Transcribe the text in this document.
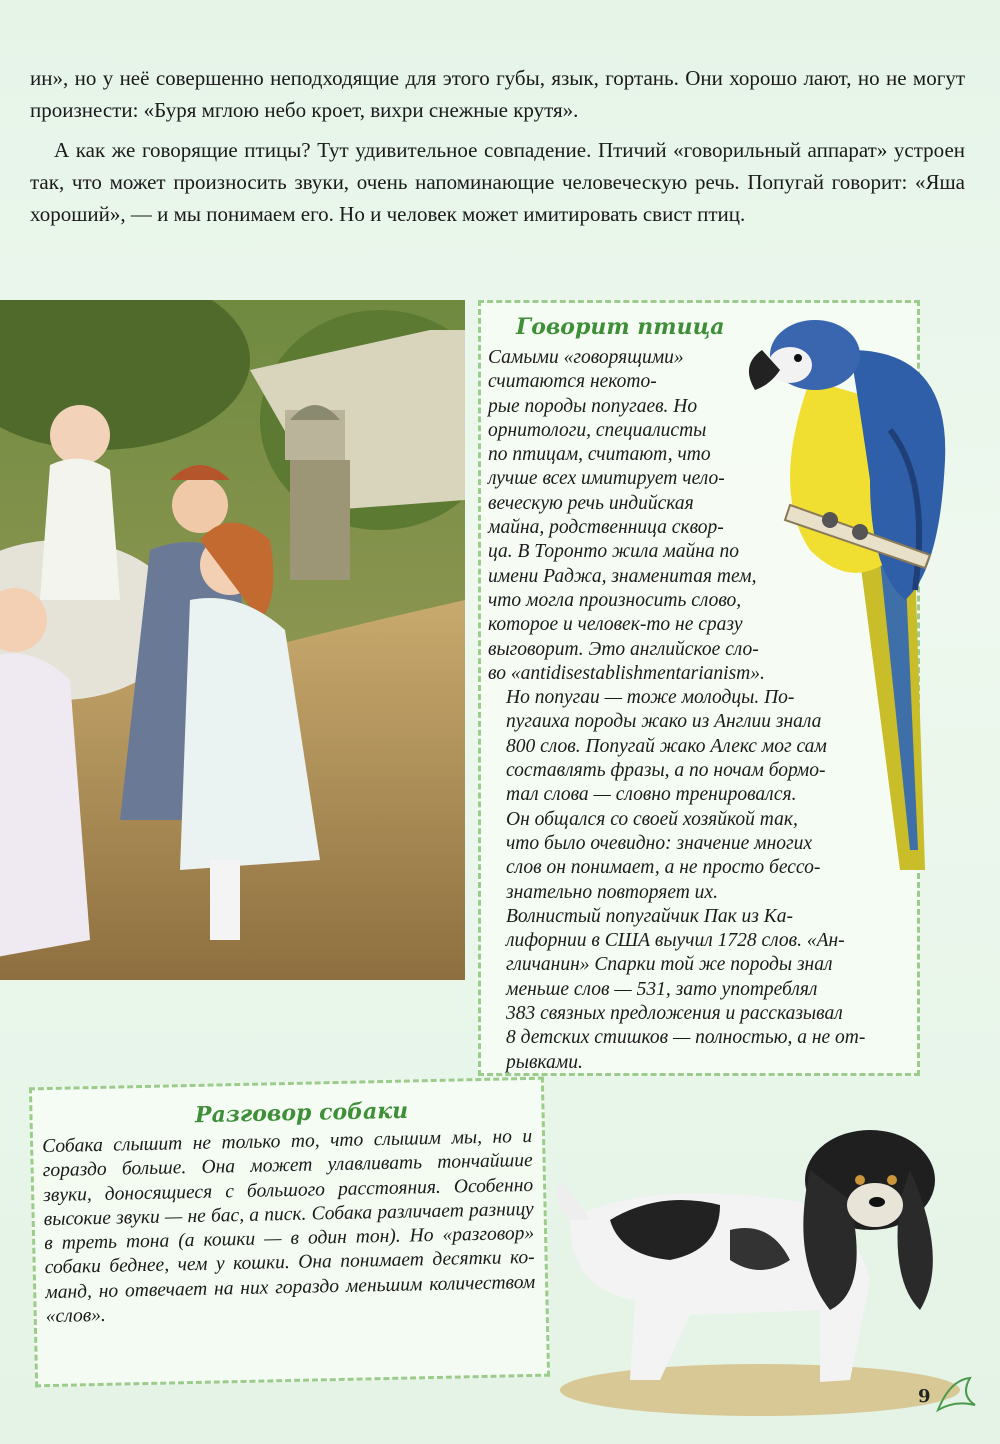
ин», но у неё совершенно неподходящие для этого губы, язык, гортань. Они хорошо лают, но не могут произнести: «Буря мглою небо кроет, вихри снежные крутя».

А как же говорящие птицы? Тут удивительное совпадение. Птичий «говорильный аппарат» устроен так, что может произносить звуки, очень напоминающие человеческую речь. Попугай говорит: «Яша хороший», — и мы понимаем его. Но и человек может имитировать свист птиц.

Говорит птица

Самыми «говорящими»
считаются некото-
рые породы попугаев. Но
орнитологи, специалисты
по птицам, считают, что
лучше всех имитирует чело-
веческую речь индийская
майна, родственница сквор-
ца. В Торонто жила майна по
имени Раджа, знаменитая тем,
что могла произносить слово,
которое и человек-то не сразу
выговорит. Это английское сло-
во «antidisestablishmentarianism».

Но попугаи — тоже молодцы. По-
пугаиха породы жако из Англии знала
800 слов. Попугай жако Алекс мог сам
составлять фразы, а по ночам бормо-
тал слова — словно тренировался.
Он общался со своей хозяйкой так,
что было очевидно: значение многих
слов он понимает, а не просто бессо-
знательно повторяет их.

Волнистый попугайчик Пак из Ка-
лифорнии в США выучил 1728 слов. «Ан-
гличанин» Спарки той же породы знал
меньше слов — 531, зато употреблял
383 связных предложения и рассказывал
8 детских стишков — полностью, а не от-
рывками.

Разговор собаки
Собака слышит не только то, что слышим мы, но и гораздо больше. Она может улавливать тончайшие звуки, доносящиеся с большого расстояния. Особенно высокие звуки — не бас, а писк. Собака различает разницу в треть тона (а кошки — в один тон). Но «разговор» собаки беднее, чем у кошки. Она понимает десятки команд, но отвечает на них гораздо меньшим количеством «слов».
9
